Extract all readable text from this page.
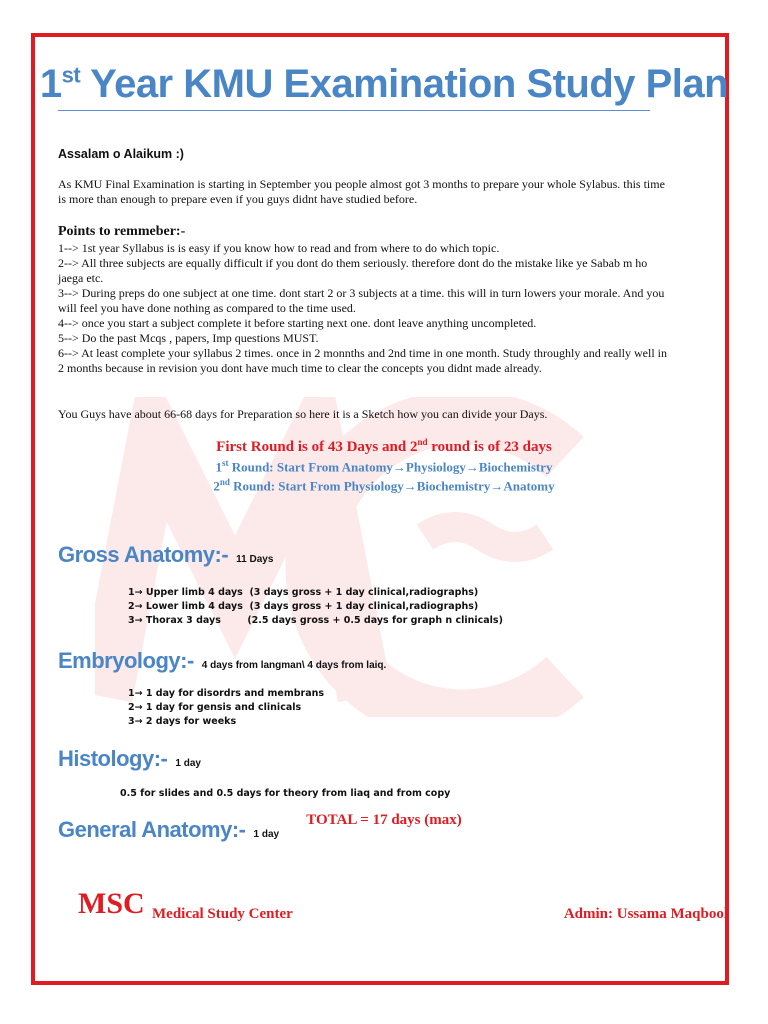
1st Year KMU Examination Study Plan
Assalam o Alaikum :)
As KMU Final Examination is starting in September you people almost got 3 months to prepare your whole Sylabus. this time is more than enough to prepare even if you guys didnt have studied before.
Points to remmeber:-
1--> 1st year Syllabus is is easy if you know how to read and from where to do which topic.
2--> All three subjects are equally difficult if you dont do them seriously. therefore dont do the mistake like ye Sabab m ho jaega etc.
3--> During preps do one subject at one time. dont start 2 or 3 subjects at a time. this will in turn lowers your morale. And you will feel you have done nothing as compared to the time used.
4--> once you start a subject complete it before starting next one. dont leave anything uncompleted.
5--> Do the past Mcqs , papers, Imp questions MUST.
6--> At least complete your syllabus 2 times. once in 2 monnths and 2nd time in one month. Study throughly and really well in 2 months because in revision you dont have much time to clear the concepts you didnt made already.
You Guys have about 66-68 days for Preparation so here it is a Sketch how you can divide your Days.
First Round is of 43 Days and 2nd round is of 23 days
1st Round: Start From Anatomy→Physiology→Biochemistry
2nd Round: Start From Physiology→Biochemistry→Anatomy
Gross Anatomy:- 11 Days
1→ Upper limb 4 days  (3 days gross + 1 day clinical,radiographs)
2→ Lower limb 4 days  (3 days gross + 1 day clinical,radiographs)
3→ Thorax 3 days        (2.5 days gross + 0.5 days for graph n clinicals)
Embryology:- 4 days from langman\ 4 days from laiq.
1→ 1 day for disordrs and membrans
2→ 1 day for gensis and clinicals
3→ 2 days for weeks
Histology:- 1 day
0.5 for slides and 0.5 days for theory from liaq and from copy
General Anatomy:- 1 day
TOTAL = 17 days (max)
MSC Medical Study Center	Admin: Ussama Maqbool
